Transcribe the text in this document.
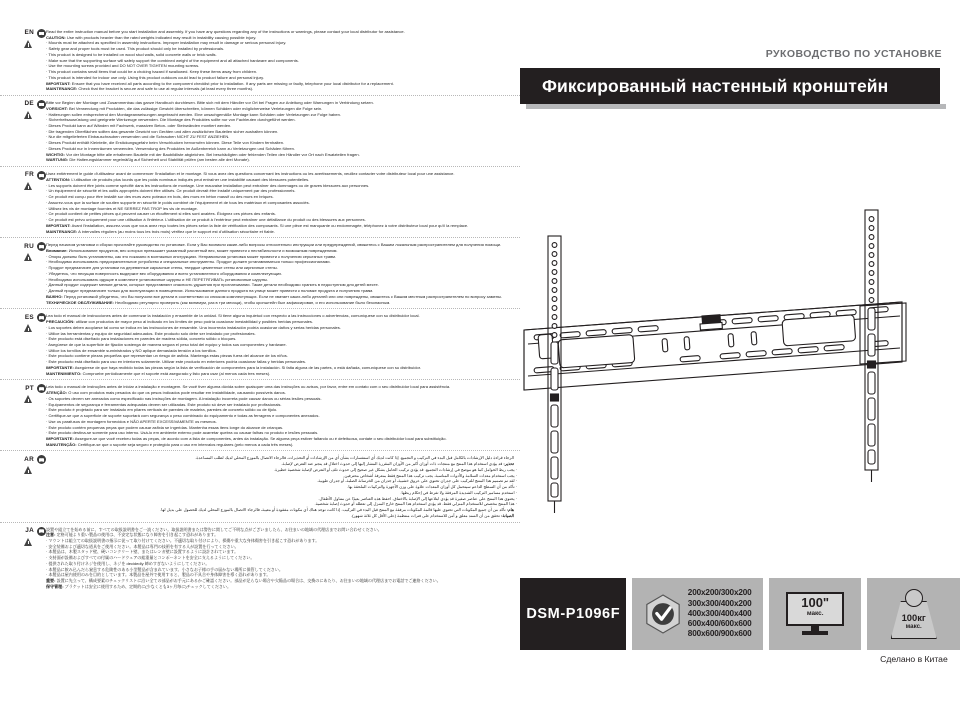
EN	Read the entire instruction manual before you start installation and assembly. If you have any questions regarding any of the instructions or warnings, please contact your local distributor for assistance.

CAUTION: Use with products heavier than the rated weights indicated may result in instability causing possible injury.

· Mounts must be attached as specified in assembly instructions. Improper installation may result in damage or serious personal injury.

· Safety gear and proper tools must be used. This product should only be installed by professionals.

· This product is designed to be installed on wood stud walls, solid concrete walls or brick walls.

· Make sure that the supporting surface will safely support the combined weight of the equipment and all attached hardware and components.

· Use the mounting screws provided and DO NOT OVER TIGHTEN mounting screws.

· This product contains small items that could be a choking hazard if swallowed. Keep these items away from children.

· This product is intended for indoor use only. Using this product outdoors could lead to product failure and personal injury.

IMPORTANT: Ensure that you have received all parts according to the component checklist prior to installation. If any parts are missing or faulty, telephone your local distributor for a replacement.

MAINTENANCE: Check that the bracket is secure and safe to use at regular intervals (at least every three months).

DE	Bitte vor Beginn der Montage und Zusammenbau das ganze Handbuch durchlesen. Bitte sich mit dem Händler vor Ort bei Fragen zur Anleitung oder Warnungen in Verbindung setzen.

VORSICHT: Bei Verwendung mit Produkten, die das zulässige Gewicht überschreiten, können Schäden oder möglicherweise Verletzungen die Folge sein.

· Halterungen sollen entsprechend den Montageanweisungen angebracht werden. Eine unsachgemäße Montage kann Schäden oder Verletzungen zur Folge haben.

· Sicherheitsausrüstung und geeignete Werkzeuge verwenden. Die Montage des Produktes sollte nur von Fachleuten durchgeführt werden.

· Dieses Produkt kann auf Wänden mit Fachwerk, massiven Beton- oder Steinwänden montiert werden.

· Die tragenden Oberflächen sollten das gesamte Gewicht von Geräten und allen zusätzlichen Bauteilen sicher aushalten können.

· Nur die mitgelieferten Einbauschrauben verwenden und die Schrauben NICHT ZU FEST ANZIEHEN.

· Dieses Produkt enthält Kleinteile, die Erstickungsgefahr beim Verschlucken hervorrufen können. Diese Teile von Kindern fernhalten.

· Dieses Produkt nur in Innenräumen verwenden. Verwendung des Produktes im Außenbereich kann zu Verletzungen und Schäden führen.

WICHTIG: Vor der Montage bitte alle erhaltenen Bauteile mit der Baubildliste abgleichen. Bei beschädigten oder fehlenden Teilen den Händler vor Ort nach Ersatzteilen fragen.

WARTUNG: Die Halterungsklammer regelmäßig auf Sicherheit und Stabilität prüfen (am besten alle drei Monate).

FR	Lisez entièrement le guide d'utilisateur avant de commencer l'installation et le montage. Si vous avez des questions concernant les instructions ou les avertissements, veuillez contacter votre distributeur local pour une assistance.

ATTENTION: L'utilisation de produits plus lourds que les poids nominaux indiqués peut entraîner une instabilité causant des blessures potentielles.

· Les supports doivent être joints comme spécifié dans les instructions de montage. Une mauvaise installation peut entraîner des dommages ou de graves blessures aux personnes.

· Un équipement de sécurité et les outils appropriés doivent être utilisés. Ce produit devrait être installé uniquement par des professionnels.

· Ce produit est conçu pour être installé sur des murs avec poteaux en bois, des murs en béton massif ou des murs en briques.

· Assurez-vous que la surface de soutien supporte en sécurité le poids combiné de l'équipement et de tous les matériaux et composantes associés.

· Utilisez les vis de montage fournies et NE SERREZ PAS TROP les vis de montage.

· Ce produit contient de petites pièces qui peuvent causer un étouffement si elles sont avalées. Éloignez ces pièces des enfants.

· Ce produit est prévu uniquement pour une utilisation à l'intérieur. L'utilisation de ce produit à l'extérieur peut entraîner une défaillance du produit ou des blessures aux personnes.

IMPORTANT: Avant l'installation, assurez-vous que vous avez reçu toutes les pièces selon la liste de vérification des composants. Si une pièce est manquante ou endommagée, téléphonez à votre distributeur local pour qu'il la remplace.

MAINTENANCE: A intervalles réguliers (au moins tous les trois mois) vérifiez que le support est d'utilisation sécuritaire et fiable.

RU	Перед началом установки и сборки прочитайте руководство по установке. Если у Вас возникли какие-либо вопросы относительно инструкции или предупреждений, свяжитесь с Вашим локальным распространителем для получения помощи.

Внимание: Использование продуктов, вес которых превышает указанный расчетный вес, может привести к нестабильности и возможным повреждениям.

· Опоры должны быть установлены, как это показано в монтажных инструкциях. Неправильная установка может привести к получению серьезных травм.

· Необходимо использовать предохранительное устройство и специальные инструменты. Продукт должен устанавливаться только профессионалами.

· Продукт предназначен для установки на деревянные каркасные стены, твердые цементные стены или кирпичные стены.

· Убедитесь, что несущая поверхность выдержит вес оборудования и всего установленного оборудования и комплектующих.

· Необходимо использовать идущие в комплекте установочные шурупы и НЕ ПЕРЕТЯГИВАТЬ установочные шурупы.

· Данный продукт содержит мелкие детали, которые представляют опасность удушения при проглатывании. Такие детали необходимо хранить в недоступном для детей месте.

· Данный продукт предназначен только для эксплуатации в помещениях. Использование данного продукта на улице может привести к поломке продукта и получению травм.

ВАЖНО: Перед установкой убедитесь, что Вы получили все детали в соответствии со списком комплектующих. Если не хватает каких-либо деталей или они повреждены, свяжитесь с Вашим местным распространителем по вопросу замены.

ТЕХНИЧЕСКОЕ ОБСЛУЖИВАНИЕ: Необходимо регулярно проверять (как минимум, раз в три месяца), чтобы кронштейн был зафиксирован, и его использование было безопасным.

ES	Lea todo el manual de instrucciones antes de comenzar la instalación y ensamble de la unidad. Si tiene alguna inquietud con respecto a las instrucciones o advertencias, comuníquese con su distribuidor local.

PRECAUCIÓN: utilizar con productos de mayor peso al indicado en los límites de peso podría ocasionar inestabilidad y posibles heridas personales.

· Los soportes deben acoplarse tal como se indica en las instrucciones de ensamble. Una incorrecta instalación podría ocasionar daños y serias heridas personales.

· Utilice las herramientas y equipo de seguridad adecuados. Este producto solo debe ser instalado por profesionales.

· Este producto está diseñado para instalaciones en paredes de madera sólida, concreto sólido o bloques.

· Asegúrese de que la superficie de fijación sostenga de manera segura el peso total del equipo y todos sus componentes y hardware.

· Utilice los tornillos de ensamble suministrados y NO aplique demasiada tensión a los tornillos.

· Este producto contiene piezas pequeñas que representan un riesgo de asfixia. Mantenga estas piezas fuera del alcance de los niños.

· Este producto está diseñado para uso en interiores solamente. Utilizar este producto en exteriores podría ocasionar fallas y heridas personales.

IMPORTANTE: Asegúrese de que haya recibido todas las piezas según la lista de verificación de componentes para la instalación. Si falta alguna de las partes, o está dañada, comuníquese con su distribuidor.

MANTENIMIENTO: Compruebe periódicamente que el soporte está asegurado y listo para usar (al menos cada tres meses).

PT	Leia todo o manual de instruções antes de iniciar a instalação e montagem. Se você tiver alguma dúvida sobre quaisquer uma das instruções ou avisos, por favor, entre em contato com o seu distribuidor local para assistência.

ATENÇÃO: O uso com produtos mais pesados do que os pesos indicados pode resultar em instabilidade, causando possíveis danos.

· Os suportes devem ser anexados como especificado nas instruções de montagem. A instalação incorreta pode causar danos ou sérias lesões pessoais.

· Equipamentos de segurança e ferramentas adequadas devem ser utilizadas. Este produto só deve ser instalado por profissionais.

· Este produto é projetado para ser instalado em pilares verticais de paredes de madeira, paredes de concreto sólido ou de tijolo.

· Certifique-se que a superfície de suporte suportará com segurança o peso combinado do equipamento e todas as ferragens e componentes anexados.

· Use os parafusos de montagem fornecidos e NÃO APERTE EXCESSIVAMENTE os mesmos.

· Este produto contém pequenas peças que podem causar asfixia se ingeridas. Mantenha essas itens longe do alcance de crianças.

· Este produto destina-se somente para uso interno. Usá-lo em ambiente externo pode acarretar quebra ou causar falhas no produto e lesões pessoais.

IMPORTANTE: Assegure-se que você recebeu todas as peças, de acordo com a lista de componentes, antes da instalação. Se alguma peça estiver faltando ou é defeituosa, contate o seu distribuidor local para substituição.

MANUTENÇÃO: Certifique-se que o suporte seja seguro e protegido para o uso em intervalos regulares (pelo menos a cada três meses).

AR	الرجاء قراءة دليل الإرشادات بالكامل قبل البدء في التركيب و التجميع. إذا كانت لديك أي استفسارات بشأن أي من الإرشادات أو التحذيرات، فالرجاء الاتصال بالموزع المحلي لديك لطلب المساعدة.

تحذير: قد يؤدي استخدام هذا المنتج مع منتجات ذات أوزان أكبر من الأوزان المقررة المشار إليها إلى حدوث اختلال قد ينجم عنه التعرض لإصابة.

‧ يجب ربط الحوامل كما هو موضح في إرشادات التجميع. قد يؤدي تركيب الحامل بشكل غير صحيح إلى حدوث تلف أو التعرض لإصابة شخصية خطيرة.

‧ يجب استخدام معدات السلامة والأدوات المناسبة. يجب تركيب هذا المنتج فقط بمعرفة أشخاص محترفين.

‧ لقد تم تصميم هذا المنتج للتركيب على جدران تحتوي على عروق خشبية، أو جدران من الخرسانة الصلبة، أو جدران طوبية.

‧ تأكد من أن السطح الداعم سيتحمل كل أوزان المعدات علاوة على وزن الأجهزة والتركيبات الملحقة بها.

‧ استخدم مسامير التركيب الشديدة المرفقة ولا تفرط في إحكام ربطها.

‧ يحتوي هذا المنتج على عناصر صغيرة قد يؤدي ابتلاعها إلى الإصابة بالاختناق. احفظ هذه العناصر بعيدًا عن متناول الأطفال.

‧ هذا المنتج مخصص للاستخدام المنزلي فقط. قد يؤدي استخدام هذا المنتج خارج المنزل إلى تعطله أو حدوث إصابة شخصية.

هام: تأكد من أن جميع المكونات التي تحتوي عليها قائمة المكونات مرفقة مع المنتج قبل البدء في التركيب. إذا كانت توجد هناك أي مكونات مفقودة أو معيبة، فالرجاء الاتصال بالموزع المحلي لديك للحصول على بديل لها.

الصيانة: تحقق من أن السند معلق و آمن للاستخدام على فترات منتظمة (على الأقل كل ثلاثة شهور).

JA	設置や組立てを始める前に、すべての取扱説明書をご一読ください。取扱説明書または警告に関してご不明な点がございましたら、お住まいの地域の代理店までお問い合わせください。

注意: 定格可能より重い製品の使用は、不安定な状態になり障害を引き起こす恐れがあります。

· マウントは組立ての取扱説明書の指示に従って取り付けてください。不適切な取り付けにより、損傷や重大な身体傷害を引き起こす恐れがあります。

· 安全装備および適切な道具をご使用ください。本製品は専門の技術を有する人が設置を行ってください。

· 本製品は、木製スタッド壁、硬いコンクリート壁、またはレンガ壁に設置するように設計されています。

· 支持面が設備およびすべての付属のハードウェアの総重量とコンポーネントを安全に支えるようにしてください。

· 提供された取り付けネジを使用し、ネジを decidedly 締めすぎないようにしてください。

· 本製品に飲み込んだら窒息する危険性のある小型製品が含まれています。小さなお子様の手の届かない場所に保管してください。

· 本製品は屋内使用のみを目的としています。本製品を屋外で使用すると、製品の不具合や身体障害を導く恐れがあります。

重要: 設置に先立って、構成要素のチェックリストに沿い全ての部品がお手元にあるかご確認ください。部品が足らない場合や欠陥品の場合は、交換のにあたり、お住まいの地域の代理店までお電話でご連絡ください。

保守管理: ブラケットは安全に使用するため、定期的に(少なくとも3ヶ月毎に)チェックしてください。

РУКОВОДСТВО ПО УСТАНОВКЕ
Фиксированный настенный кронштейн
DSM-P1096F
200x200/300x200
300x300/400x200
400x300/400x400
600x400/600x600
800x600/900x600
100"
макс.	100кг
макс.
Сделано в Китае
